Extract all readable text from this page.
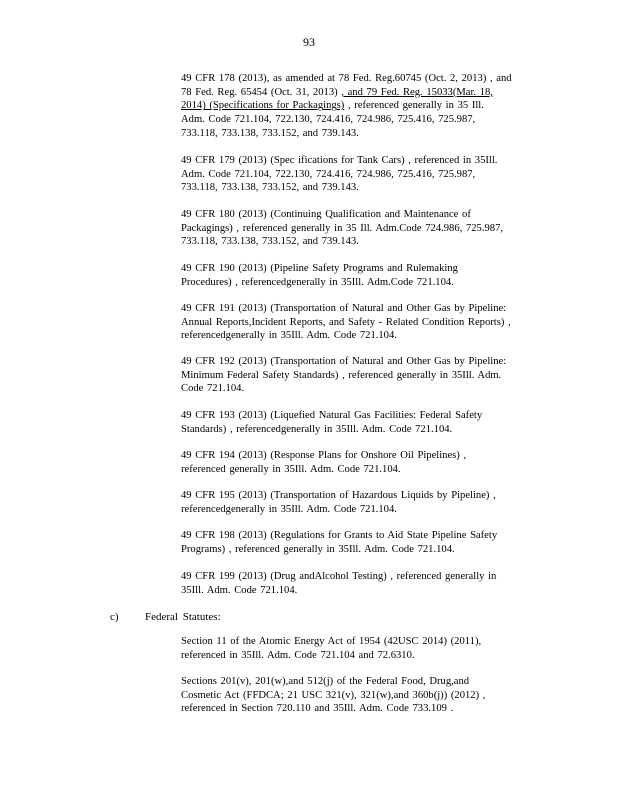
93
49 CFR 178 (2013), as amended at 78 Fed. Reg.60745 (Oct. 2, 2013) , and
78 Fed. Reg. 65454 (Oct. 31, 2013) , and 79 Fed. Reg. 15033(Mar. 18,
2014) (Specifications for Packagings) , referenced generally in 35 Ill.
Adm. Code 721.104, 722.130, 724.416, 724.986, 725.416, 725.987,
733.118, 733.138, 733.152, and 739.143.
49 CFR 179 (2013) (Spec ifications for Tank Cars) , referenced in 35Ill.
Adm. Code 721.104, 722.130, 724.416, 724.986, 725.416, 725.987,
733.118, 733.138, 733.152, and 739.143.
49 CFR 180 (2013) (Continuing Qualification and Maintenance of
Packagings) , referenced generally in 35 Ill. Adm.Code 724.986, 725.987,
733.118, 733.138, 733.152, and 739.143.
49 CFR 190 (2013) (Pipeline Safety Programs and Rulemaking
Procedures) , referencedgenerally in 35Ill. Adm.Code 721.104.
49 CFR 191 (2013) (Transportation of Natural and Other Gas by Pipeline:
Annual Reports,Incident Reports, and Safety - Related Condition Reports) ,
referencedgenerally in 35Ill. Adm. Code 721.104.
49 CFR 192 (2013) (Transportation of Natural and Other Gas by Pipeline:
Minimum Federal Safety Standards) , referenced generally in 35Ill. Adm.
Code 721.104.
49 CFR 193 (2013) (Liquefied Natural Gas Facilities: Federal Safety
Standards) , referencedgenerally in 35Ill. Adm. Code 721.104.
49 CFR 194 (2013) (Response Plans for Onshore Oil Pipelines) ,
referenced generally in 35Ill. Adm. Code 721.104.
49 CFR 195 (2013) (Transportation of Hazardous Liquids by Pipeline) ,
referencedgenerally in 35Ill. Adm. Code 721.104.
49 CFR 198 (2013) (Regulations for Grants to Aid State Pipeline Safety
Programs) , referenced generally in 35Ill. Adm. Code 721.104.
49 CFR 199 (2013) (Drug andAlcohol Testing) , referenced generally in
35Ill. Adm. Code 721.104.
c) Federal Statutes:
Section 11 of the Atomic Energy Act of 1954 (42USC 2014) (2011),
referenced in 35Ill. Adm. Code 721.104 and 72.6310.
Sections 201(v), 201(w),and 512(j) of the Federal Food, Drug,and
Cosmetic Act (FFDCA; 21 USC 321(v), 321(w),and 360b(j)) (2012) ,
referenced in Section 720.110 and 35Ill. Adm. Code 733.109 .
